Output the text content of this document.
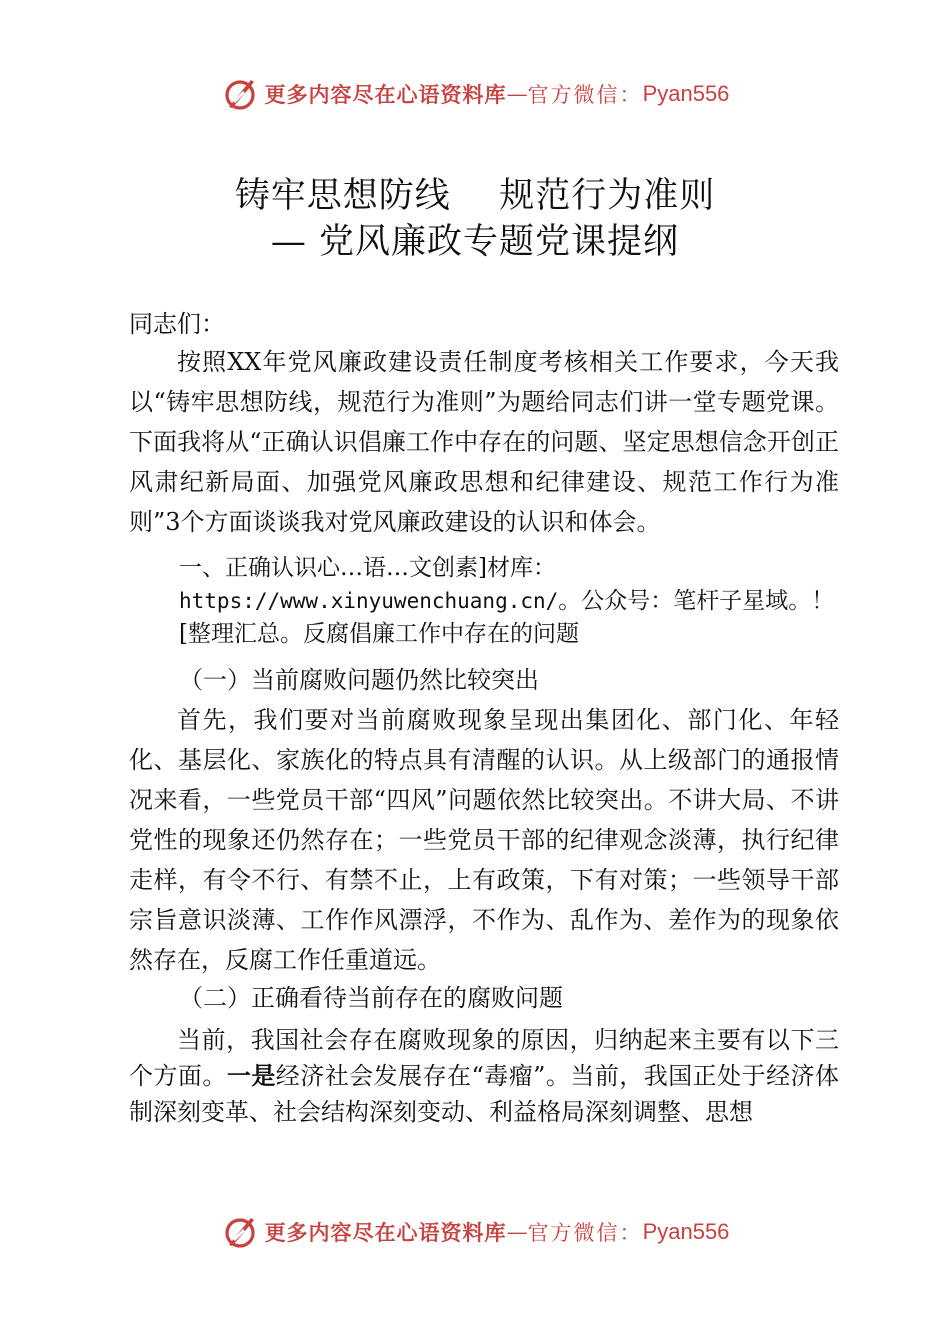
更多内容尽在心语资料库 — 官方微信： Pyan556
铸牢思想防线    规范行为准则
— 党风廉政专题党课提纲

同志们：

按照XX年党风廉政建设责任制度考核相关工作要求，今天我以“铸牢思想防线，规范行为准则”为题给同志们讲一堂专题党课。下面我将从“正确认识倡廉工作中存在的问题、坚定思想信念开创正风肃纪新局面、加强党风廉政思想和纪律建设、规范工作行为准则”3个方面谈谈我对党风廉政建设的认识和体会。

一、正确认识心…语…文创素]材库：https://www.xinyuwenchuang.cn/。公众号：笔杆子星域。！[整理汇总。反腐倡廉工作中存在的问题

（一）当前腐败问题仍然比较突出

首先，我们要对当前腐败现象呈现出集团化、部门化、年轻化、基层化、家族化的特点具有清醒的认识。从上级部门的通报情况来看，一些党员干部“四风”问题依然比较突出。不讲大局、不讲党性的现象还仍然存在；一些党员干部的纪律观念淡薄，执行纪律走样，有令不行、有禁不止，上有政策，下有对策；一些领导干部宗旨意识淡薄、工作作风漂浮，不作为、乱作为、差作为的现象依然存在，反腐工作任重道远。

（二）正确看待当前存在的腐败问题

当前，我国社会存在腐败现象的原因，归纳起来主要有以下三个方面。一是经济社会发展存在“毒瘤”。当前，我国正处于经济体制深刻变革、社会结构深刻变动、利益格局深刻调整、思想

更多内容尽在心语资料库 — 官方微信： Pyan556
